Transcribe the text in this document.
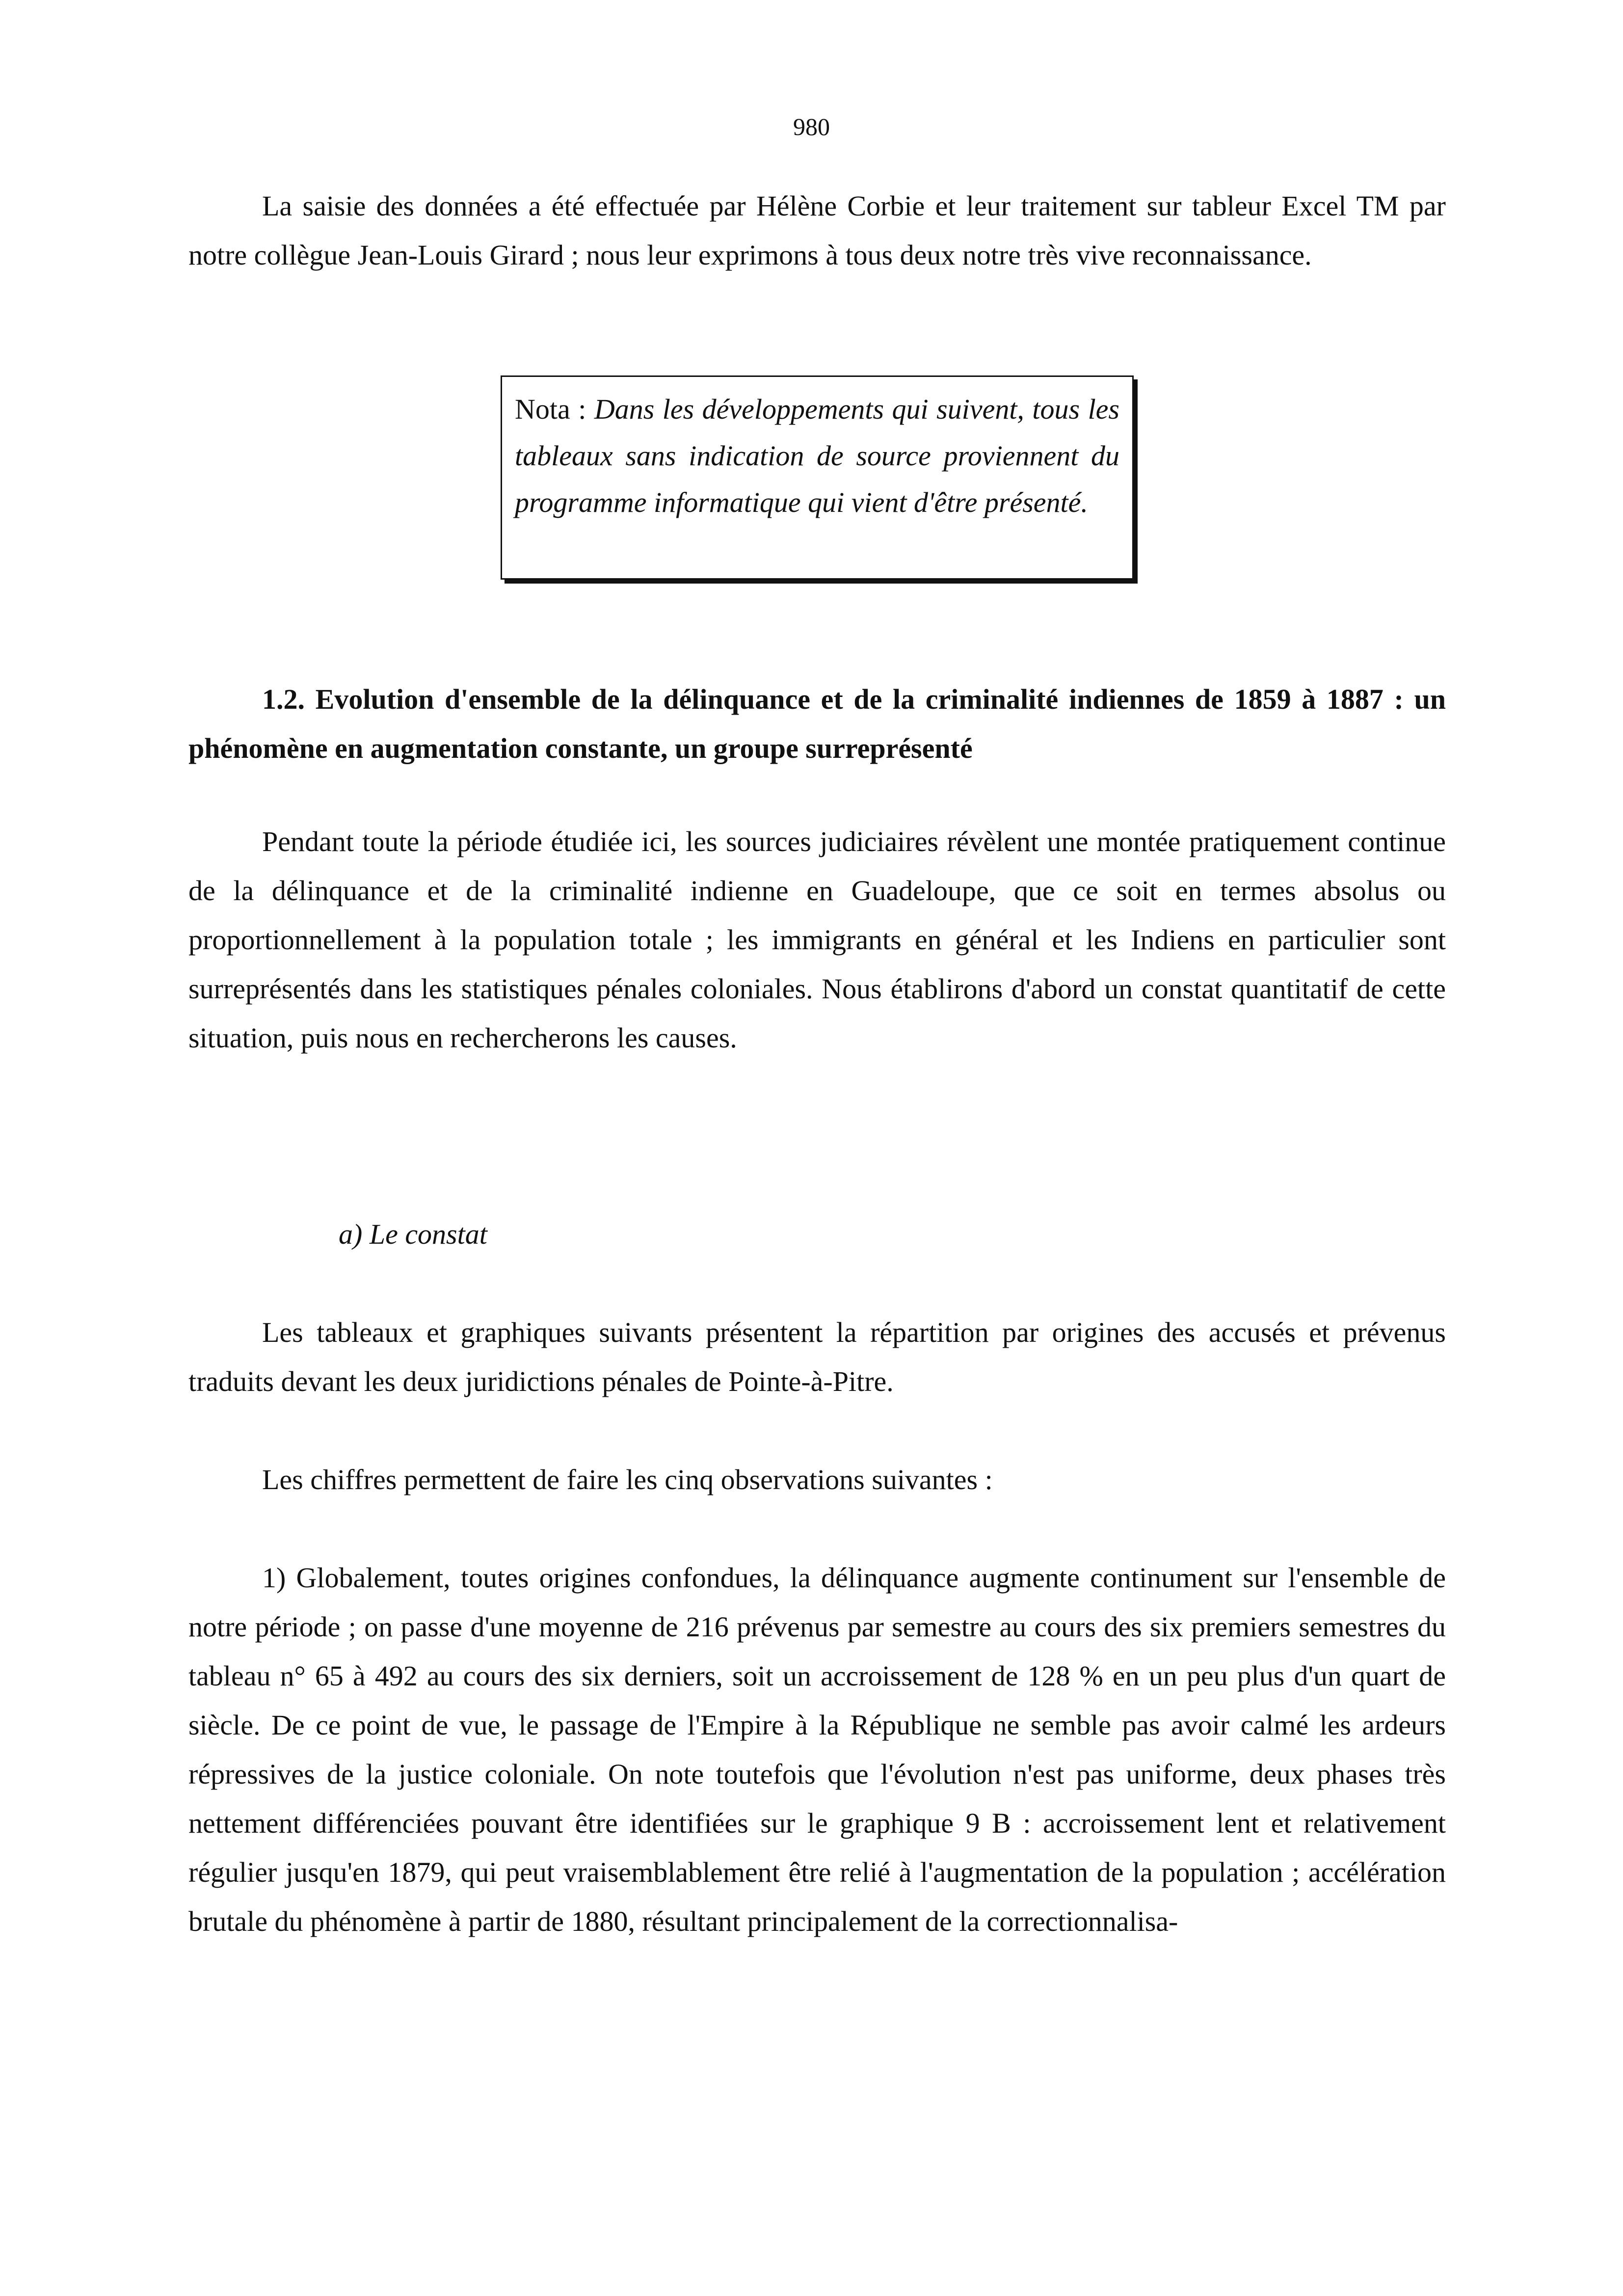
980

La saisie des données a été effectuée par Hélène Corbie et leur traitement sur tableur Excel TM par notre collègue Jean-Louis Girard ; nous leur exprimons à tous deux notre très vive reconnaissance.

Nota : Dans les développements qui suivent, tous les tableaux sans indication de source proviennent du programme informatique qui vient d'être présenté.

1.2. Evolution d'ensemble de la délinquance et de la criminalité indiennes de 1859 à 1887 : un phénomène en augmentation constante, un groupe surreprésenté

Pendant toute la période étudiée ici, les sources judiciaires révèlent une montée pratiquement continue de la délinquance et de la criminalité indienne en Guadeloupe, que ce soit en termes absolus ou proportionnellement à la population totale ; les immigrants en général et les Indiens en particulier sont surreprésentés dans les statistiques pénales coloniales. Nous établirons d'abord un constat quantitatif de cette situation, puis nous en rechercherons les causes.

a) Le constat

Les tableaux et graphiques suivants présentent la répartition par origines des accusés et prévenus traduits devant les deux juridictions pénales de Pointe-à-Pitre.

Les chiffres permettent de faire les cinq observations suivantes :

1) Globalement, toutes origines confondues, la délinquance augmente continument sur l'ensemble de notre période ; on passe d'une moyenne de 216 prévenus par semestre au cours des six premiers semestres du tableau n° 65 à 492 au cours des six derniers, soit un accroissement de 128 % en un peu plus d'un quart de siècle. De ce point de vue, le passage de l'Empire à la République ne semble pas avoir calmé les ardeurs répressives de la justice coloniale. On note toutefois que l'évolution n'est pas uniforme, deux phases très nettement différenciées pouvant être identifiées sur le graphique 9 B : accroissement lent et relativement régulier jusqu'en 1879, qui peut vraisemblablement être relié à l'augmentation de la population ; accélération brutale du phénomène à partir de 1880, résultant principalement de la correctionnalisa-
